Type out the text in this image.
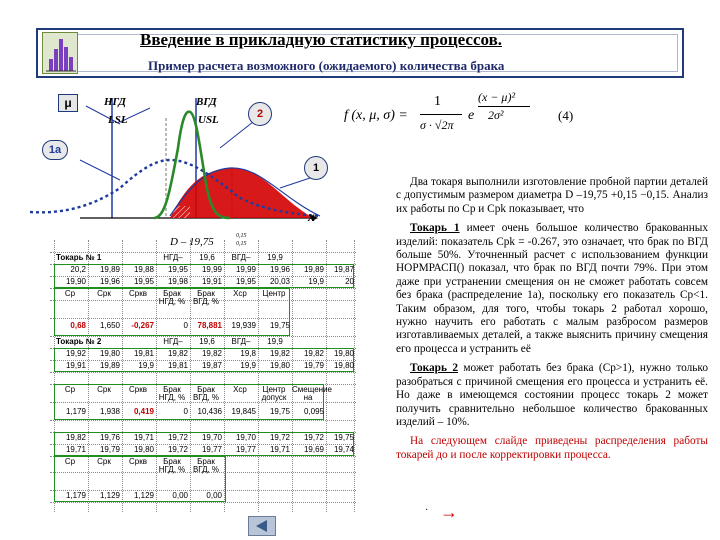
Введение в прикладную статистику процессов.
Пример расчета возможного (ожидаемого) количества брака
μ	НГД
LSL
ВГД
USL	2
1а
1
x
f (x, μ, σ) =
1
σ · √2π
e
(x − μ)²
2σ²	(4)

Два токаря выполнили изготовление пробной партии деталей с допустимым размером диаметра D –19,75 +0,15 −0,15. Анализ их работы по Cp и Cpk показывает, что

Токарь 1 имеет очень большое количество бракованных изделий: показатель Cpk = -0.267, это означает, что брак по ВГД больше 50%. Уточненный расчет с использованием функции НОРМРАСП() показал, что брак по ВГД почти 79%. При этом даже при устранении смещения он не сможет работать совсем без брака (распределение 1а), поскольку его показатель Cp<1. Таким образом, для того, чтобы токарь 2 работал хорошо, нужно научить его работать с малым разбросом размеров изготавливаемых деталей, а также выяснить причину смещения его процесса и устранить её

Токарь 2 может работать без брака (Cp>1), нужно только разобраться с причиной смещения его процесса и устранить её. Но даже в имеющемся состоянии процесс токарь 2 может получить сравнительно небольшое количество бракованных изделий – 10%.

На следующем слайде приведены распределения работы токарей до и после корректировки процесса.

D – 19,75	0,15
0,15
Токарь № 1	НГД–	19,6	ВГД–	19,9
Токарь № 2	НГД–	19,6	ВГД–	19,9
20,2	19,89	19,88	19,95	19,99	19,99	19,96	19,89	19,87
19,90	19,96	19,95	19,98	19,91	19,95	20,03	19,9	20
Cp	Срк	Сркв	Брак НГД, %
Брак ВГД, %
Xcp	Центр
0,68	1,650	-0,267	0	78,881	19,939	19,75
19,92	19,80	19,81	19,82	19,82	19,8	19,82	19,82	19,80
19,91	19,89	19,9	19,81	19,87	19,9	19,80	19,79	19,80
Cp	Срк	Сркв	Брак НГД, %
Брак ВГД, %
Xcp	Центр допуск
Смещение на
1,179	1,938	0,419	0	10,436	19,845	19,75	0,095
19,82	19,76	19,71	19,72	19,70	19,70	19,72	19,72	19,75
19,71	19,79	19,80	19,72	19,77	19,77	19,71	19,69	19,74
Cp	Срк	Сркв	Брак НГД, %
Брак ВГД, %
1,179	1,129	1,129	0,00	0,00
· →
